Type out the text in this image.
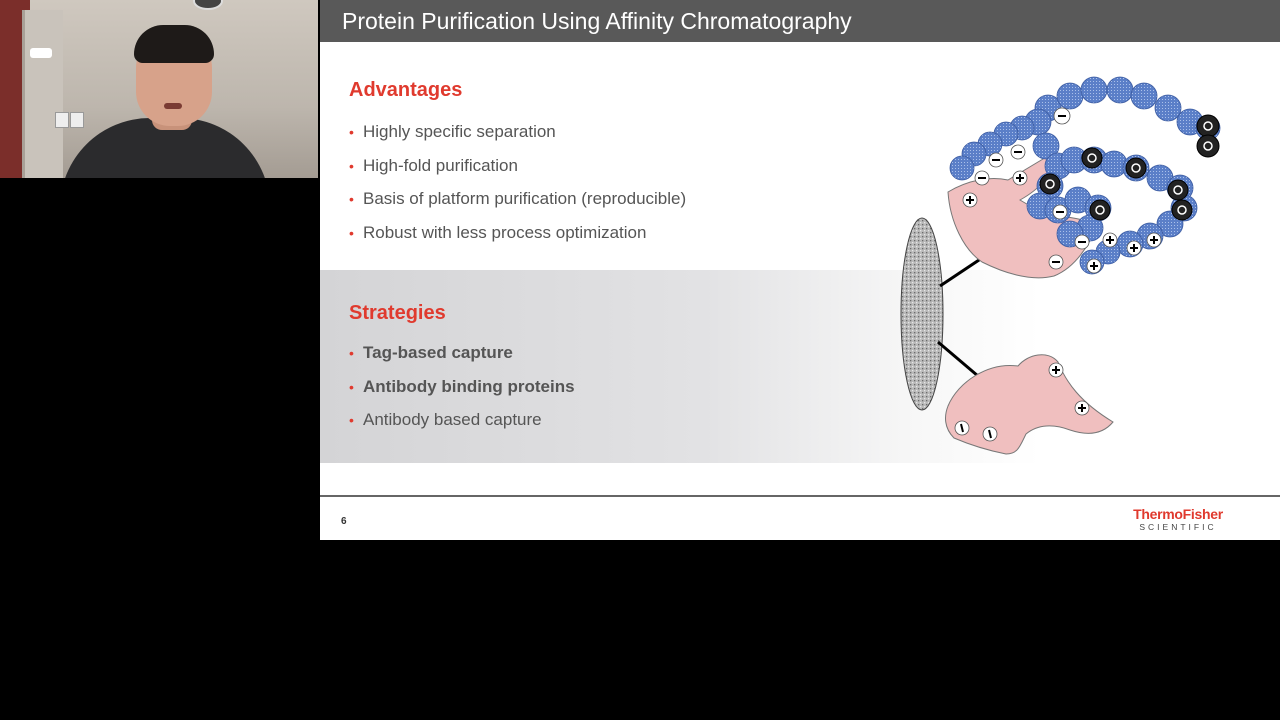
Protein Purification Using Affinity Chromatography
Advantages
• Highly specific separation
• High-fold purification
• Basis of platform purification (reproducible)
• Robust with less process optimization
Strategies
• Tag-based capture
• Antibody binding proteins
• Antibody based capture
6	ThermoFisher
SCIENTIFIC
